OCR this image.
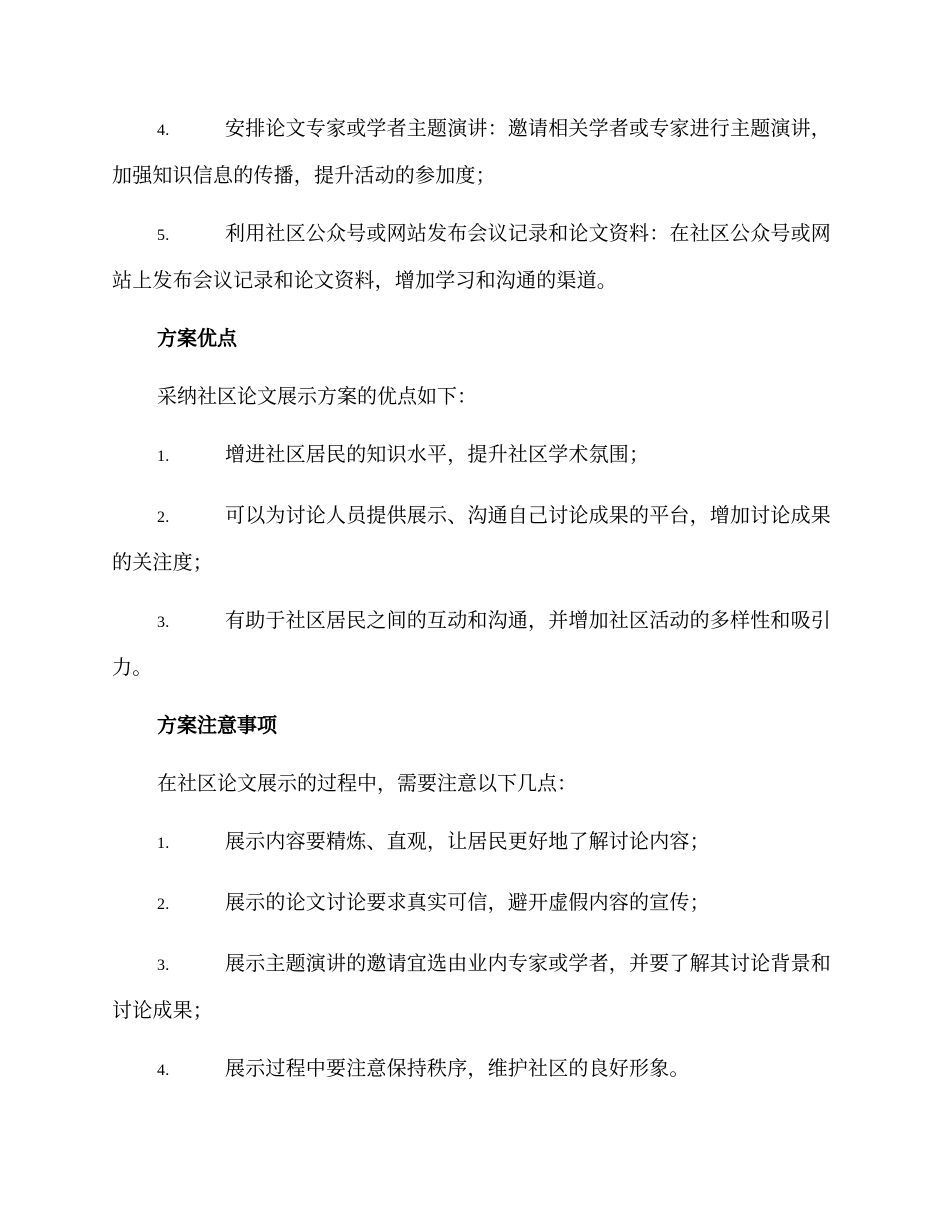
4.	安排论文专家或学者主题演讲：邀请相关学者或专家进行主题演讲，加强知识信息的传播，提升活动的参加度；

5.	利用社区公众号或网站发布会议记录和论文资料：在社区公众号或网站上发布会议记录和论文资料，增加学习和沟通的渠道。

方案优点
采纳社区论文展示方案的优点如下：

1.	增进社区居民的知识水平，提升社区学术氛围；

2.	可以为讨论人员提供展示、沟通自己讨论成果的平台，增加讨论成果的关注度；

3.	有助于社区居民之间的互动和沟通，并增加社区活动的多样性和吸引力。

方案注意事项
在社区论文展示的过程中，需要注意以下几点：

1.	展示内容要精炼、直观，让居民更好地了解讨论内容；

2.	展示的论文讨论要求真实可信，避开虚假内容的宣传；

3.	展示主题演讲的邀请宜选由业内专家或学者，并要了解其讨论背景和讨论成果；

4.	展示过程中要注意保持秩序，维护社区的良好形象。
